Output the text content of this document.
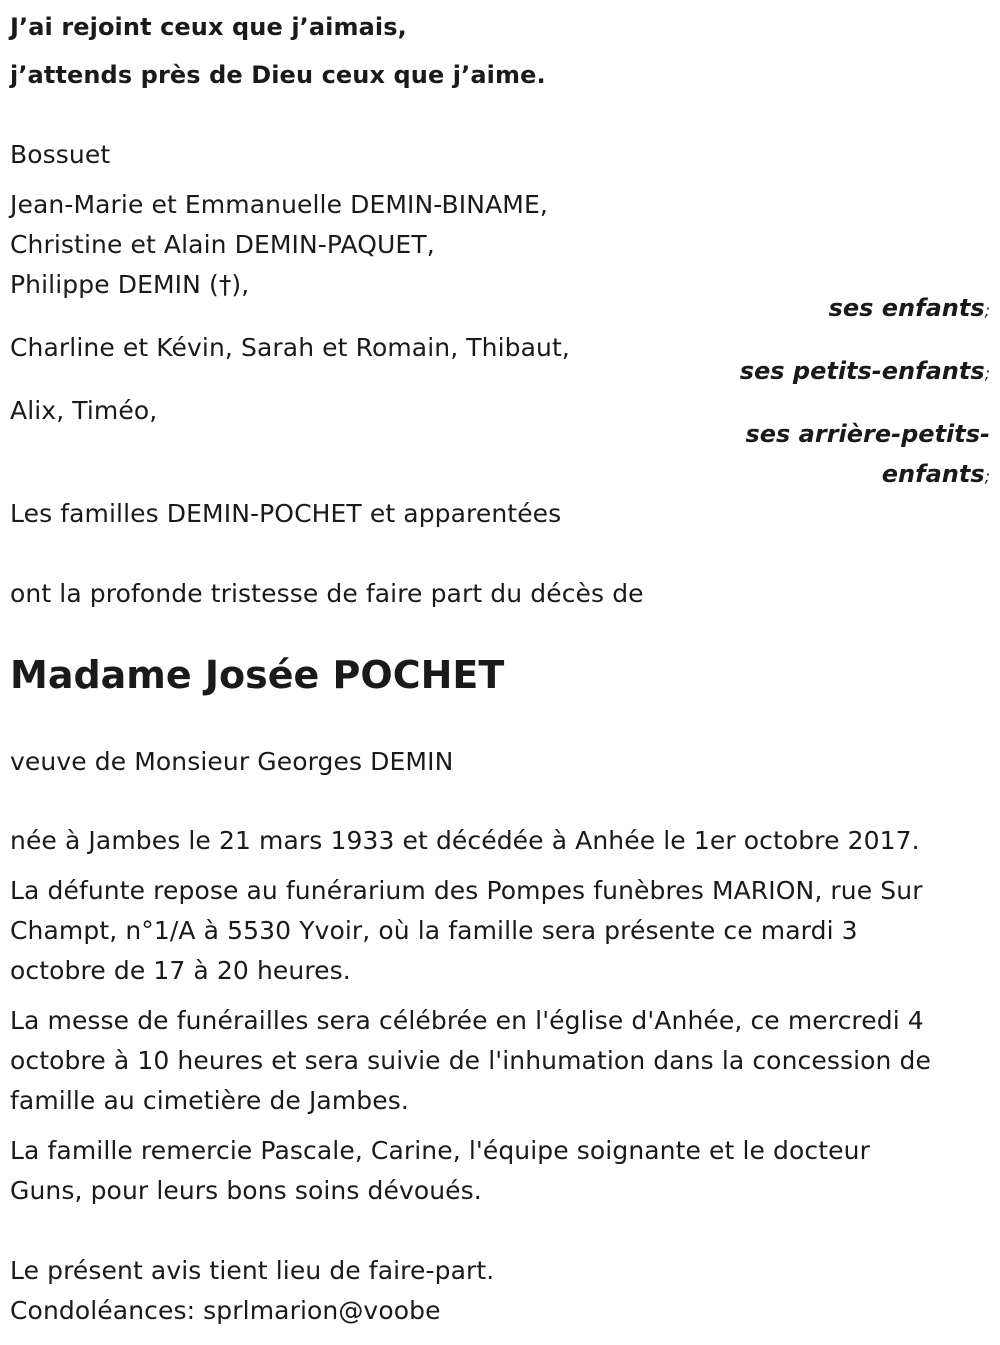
J’ai rejoint ceux que j’aimais,
j’attends près de Dieu ceux que j’aime.
Bossuet
Jean-Marie et Emmanuelle DEMIN-BINAME,
Christine et Alain DEMIN-PAQUET,
Philippe DEMIN (†),
ses enfants;
Charline et Kévin, Sarah et Romain, Thibaut,
ses petits-enfants;
Alix, Timéo,
ses arrière-petits-
enfants;
Les familles DEMIN-POCHET et apparentées
ont la profonde tristesse de faire part du décès de
Madame Josée POCHET
veuve de Monsieur Georges DEMIN
née à Jambes le 21 mars 1933 et décédée à Anhée le 1er octobre 2017.
La défunte repose au funérarium des Pompes funèbres MARION, rue Sur
Champt, n°1/A à 5530 Yvoir, où la famille sera présente ce mardi 3
octobre de 17 à 20 heures.
La messe de funérailles sera célébrée en l'église d'Anhée, ce mercredi 4
octobre à 10 heures et sera suivie de l'inhumation dans la concession de
famille au cimetière de Jambes.
La famille remercie Pascale, Carine, l'équipe soignante et le docteur
Guns, pour leurs bons soins dévoués.
Le présent avis tient lieu de faire-part.
Condoléances: sprlmarion@voobe
